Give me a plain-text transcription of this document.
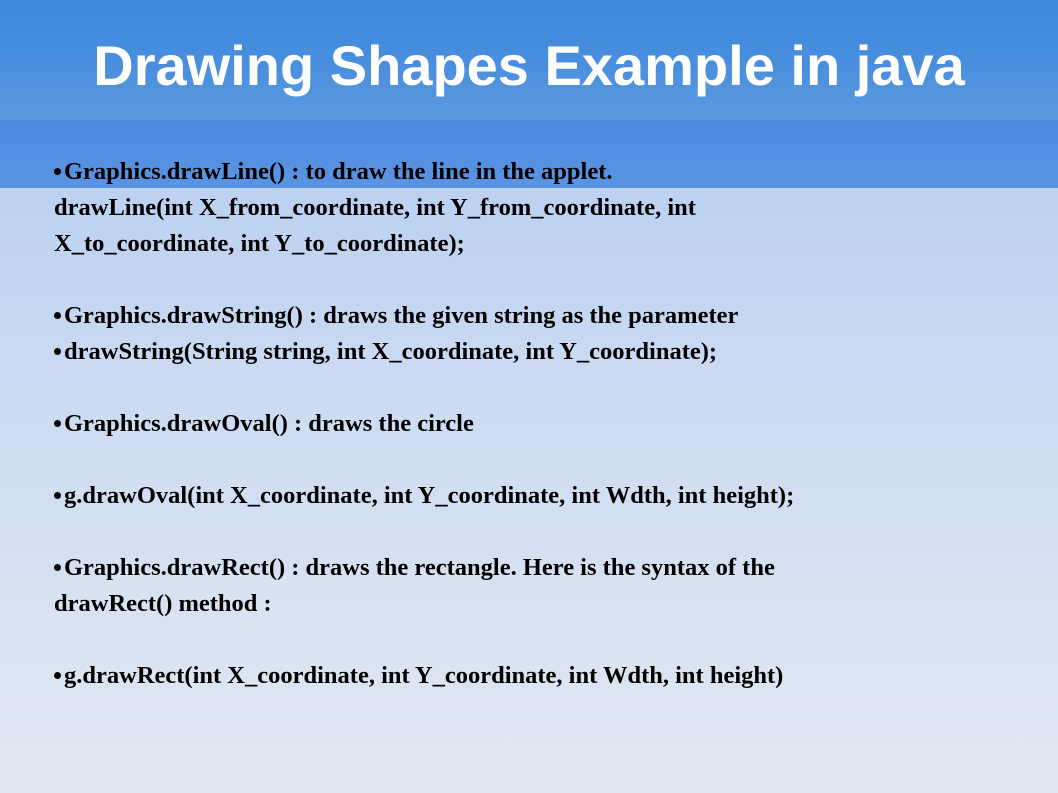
Drawing Shapes Example in java

Graphics.drawLine() : to draw the line in the applet.

drawLine(int X_from_coordinate, int Y_from_coordinate, int

X_to_coordinate, int Y_to_coordinate);

Graphics.drawString() : draws the given string as the parameter

drawString(String string, int X_coordinate, int Y_coordinate);

Graphics.drawOval() : draws the circle

g.drawOval(int X_coordinate, int Y_coordinate, int Wdth, int height);

Graphics.drawRect() : draws the rectangle. Here is the syntax of the

drawRect() method :

g.drawRect(int X_coordinate, int Y_coordinate, int Wdth, int height)
